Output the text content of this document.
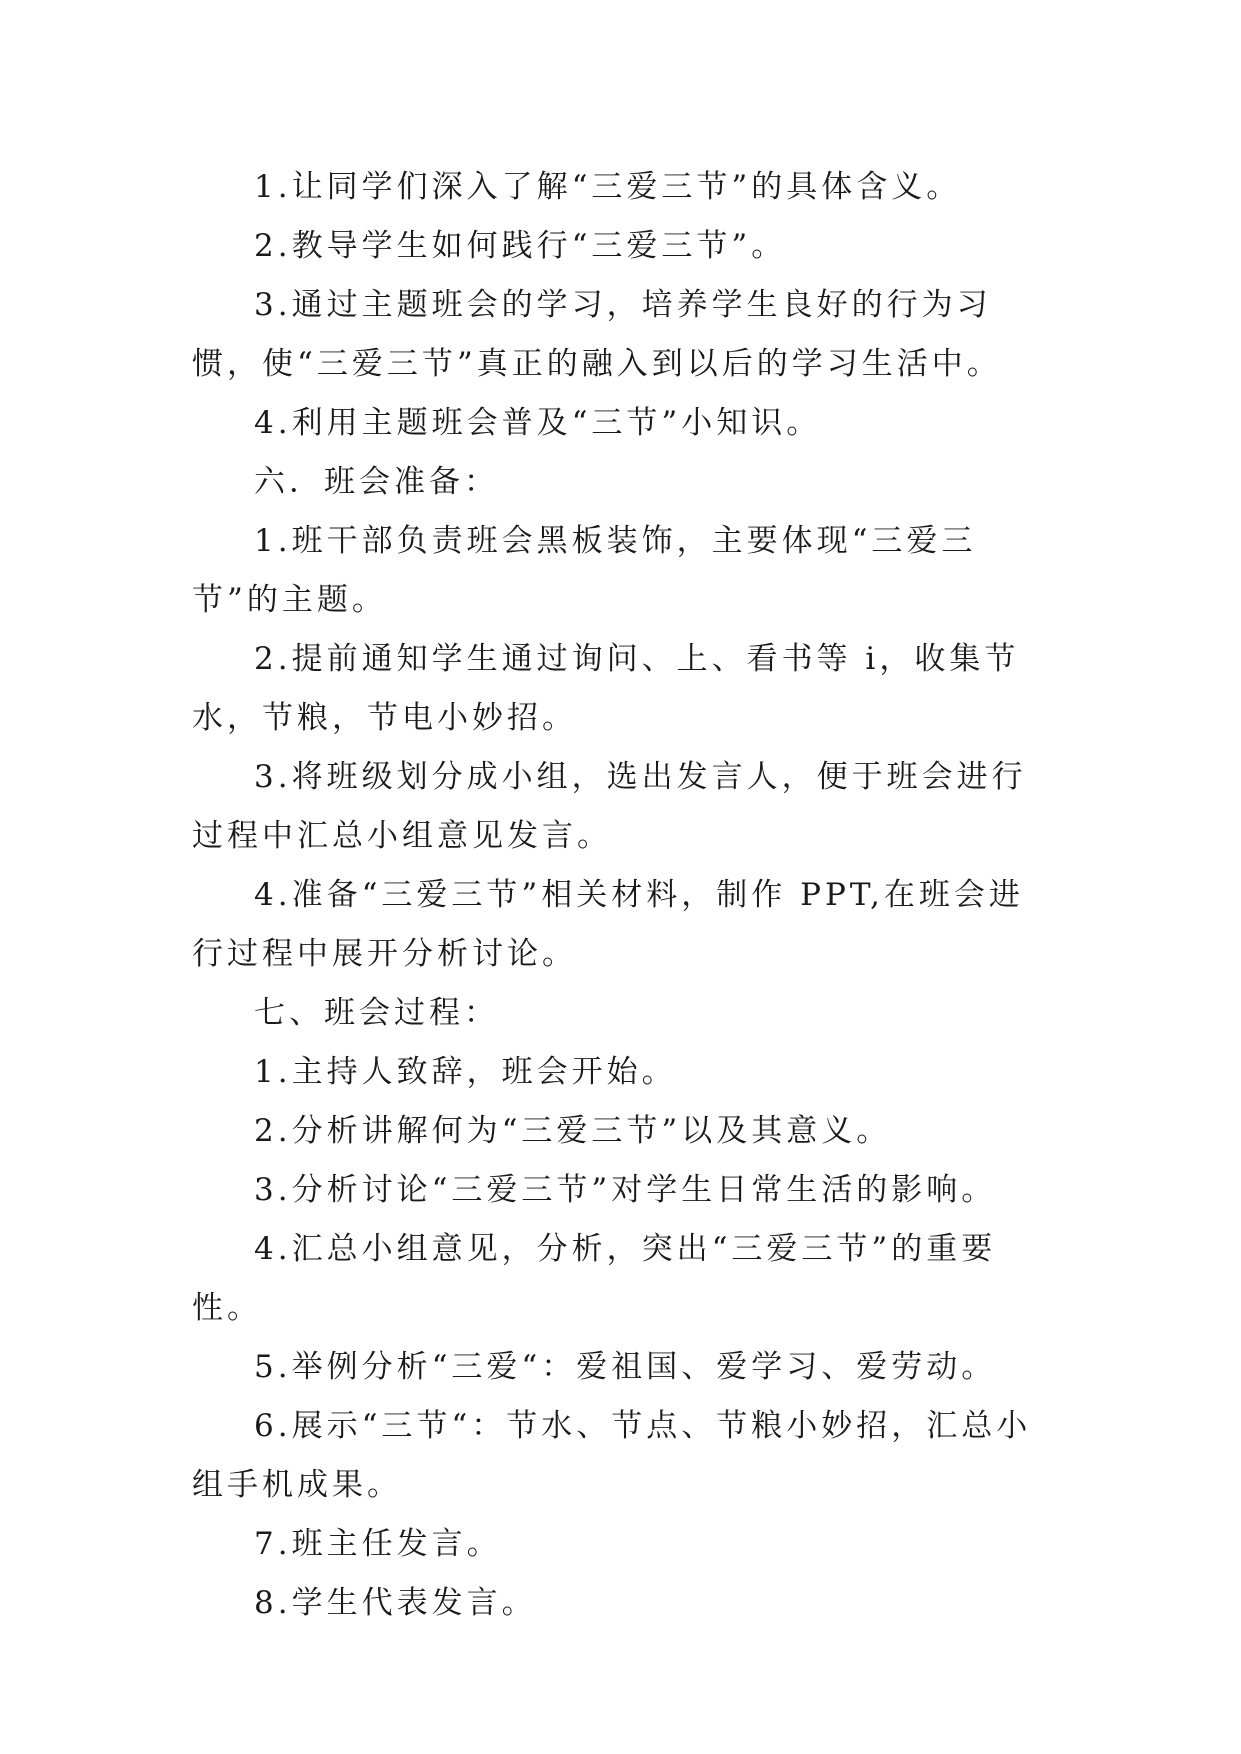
1.让同学们深入了解“三爱三节”的具体含义。

2.教导学生如何践行“三爱三节”。

3.通过主题班会的学习，培养学生良好的行为习惯，使“三爱三节”真正的融入到以后的学习生活中。

4.利用主题班会普及“三节”小知识。

六．班会准备：

1.班干部负责班会黑板装饰，主要体现“三爱三节”的主题。

2.提前通知学生通过询问、上、看书等 i，收集节水，节粮，节电小妙招。

3.将班级划分成小组，选出发言人，便于班会进行过程中汇总小组意见发言。

4.准备“三爱三节”相关材料，制作 PPT,在班会进行过程中展开分析讨论。

七、班会过程：

1.主持人致辞，班会开始。

2.分析讲解何为“三爱三节”以及其意义。

3.分析讨论“三爱三节”对学生日常生活的影响。

4.汇总小组意见，分析，突出“三爱三节”的重要性。

5.举例分析“三爱“：爱祖国、爱学习、爱劳动。

6.展示“三节“：节水、节点、节粮小妙招，汇总小组手机成果。

7.班主任发言。

8.学生代表发言。
